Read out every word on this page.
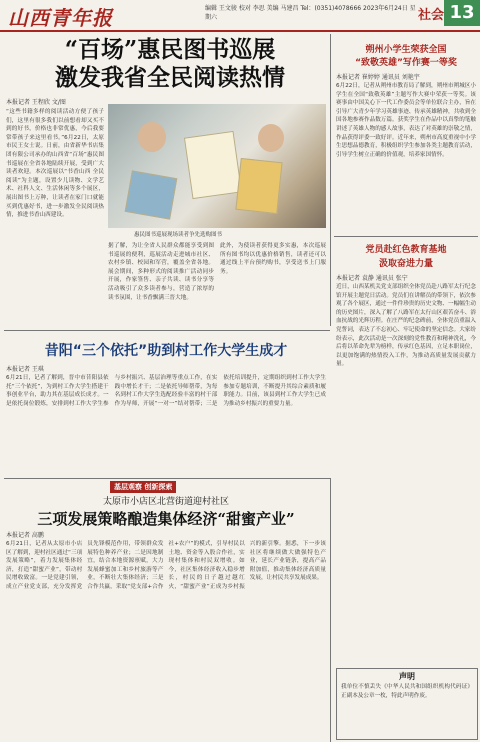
山西青年报	编辑 王文骏 校对 李思 美编 马建昌 Tel：(0351)4078666 2023年6月24日 星期六	社会 13
“百场”惠民图书巡展
激发我省全民阅读热情
本报记者 王程欣 文/图
“这些书籍多样的阅读活动方便了孩子们，这里有很多我们以前想看却又买不到的好书，价格也非常优惠，今后我要常带孩子来这里看书。”6月22日，太原市民王女士说。日前，由省新华书店集团有限公司承办的山西省“百场”惠民图书巡展在全省各地陆续开展，受到广大读者欢迎。本次巡展以“书香山西 全民阅读”为主题，设置少儿读物、文学艺术、社科人文、生活休闲等多个展区，展出图书上万种，让读者在家门口就能买到优惠好书，进一步激发全民阅读热情，推进书香山西建设。
惠民图书巡展现场读者争先选购图书
据了解，为让全省人民群众都能享受到图书巡展的便利，巡展活动走进城市社区、农村乡镇、校园和军营，覆盖全省各地。展会期间，多种形式的阅读推广活动同步开展，作家签售、亲子共读、读书分享等活动吸引了众多读者参与，营造了浓厚的读书氛围，让书香飘满三晋大地。
此外，为使读者获得更多实惠，本次巡展所有图书均以优惠价格销售，读者还可以通过线上平台预约购书，享受送书上门服务。
朔州小学生荣获全国
“致敬英雄”写作赛一等奖
本报记者 崔婷婷 通讯员 刘艳宇
6月22日，记者从朔州市教育局了解到，朔州市朔城区小学生在全国“致敬英雄”主题写作大赛中荣获一等奖。该赛事由中国关心下一代工作委员会等单位联合主办，旨在引导广大青少年学习英雄事迹、传承英雄精神，共收到全国各地参赛作品数万篇。获奖学生在作品中以真挚的笔触讲述了英雄人物的感人故事，表达了对英雄的崇敬之情，作品获得评委一致好评。近年来，朔州市高度重视中小学生思想品德教育，积极组织学生参加各类主题教育活动，引导学生树立正确的价值观，培养家国情怀。
党员赴红色教育基地
汲取奋进力量
本报记者 袁静 通讯员 张宁
近日，山西某机关党支部组织全体党员赴八路军太行纪念馆开展主题党日活动。党员们在讲解员的带领下，依次参观了各个展区，通过一件件珍贵的历史文物、一幅幅生动的历史图片，深入了解了八路军在太行山区艰苦奋斗、浴血抗战的光辉历程。在庄严的纪念碑前，全体党员重温入党誓词，表达了不忘初心、牢记使命的坚定信念。大家纷纷表示，此次活动是一次深刻的党性教育和精神洗礼，今后将以革命先辈为榜样，传承红色基因，立足本职岗位，以更加饱满的热情投入工作，为推动高质量发展贡献力量。
昔阳“三个依托”助到村工作大学生成才
本报记者 王琪
6月21日，记者了解到，晋中市昔阳县依托“三个依托”，为到村工作大学生搭建干事创业平台，助力其在基层成长成才。一是依托岗位锻炼，安排到村工作大学生参与乡村振兴、基层治理等重点工作，在实践中增长才干；二是依托导师帮带，为每名到村工作大学生选配经验丰富的村干部作为导师，开展“一对一”结对帮带；三是依托培训提升，定期组织到村工作大学生参加专题培训，不断提升其综合素质和履职能力。目前，该县到村工作大学生已成为推动乡村振兴的重要力量。
基层观察 创新探索
太原市小店区北营街道迎村社区
三项发展策略酿造集体经济“甜蜜产业”
本报记者 高鹏
6月21日，记者从太原市小店区了解到，迎村社区通过“三项发展策略”，着力发展集体经济，打造“甜蜜产业”，带动村民增收致富。一是党建引领，成立产业党支部，充分发挥党员先锋模范作用，带领群众发展特色种养产业；二是因地制宜，结合本地资源禀赋，大力发展蜂蜜加工和乡村旅游等产业，不断壮大集体经济；三是合作共赢，采取“党支部+合作社+农户”的模式，引导村民以土地、资金等入股合作社，实现村集体和村民双增收。如今，社区集体经济收入稳步增长，村民的日子越过越红火，“甜蜜产业”正成为乡村振兴的新引擎。据悉，下一步该社区将继续做大做强特色产业，延长产业链条，提高产品附加值，推动集体经济高质量发展，让村民共享发展成果。
声明
我单位不慎丢失《中华人民共和国组织机构代码证》正副本及公章一枚，特此声明作废。
